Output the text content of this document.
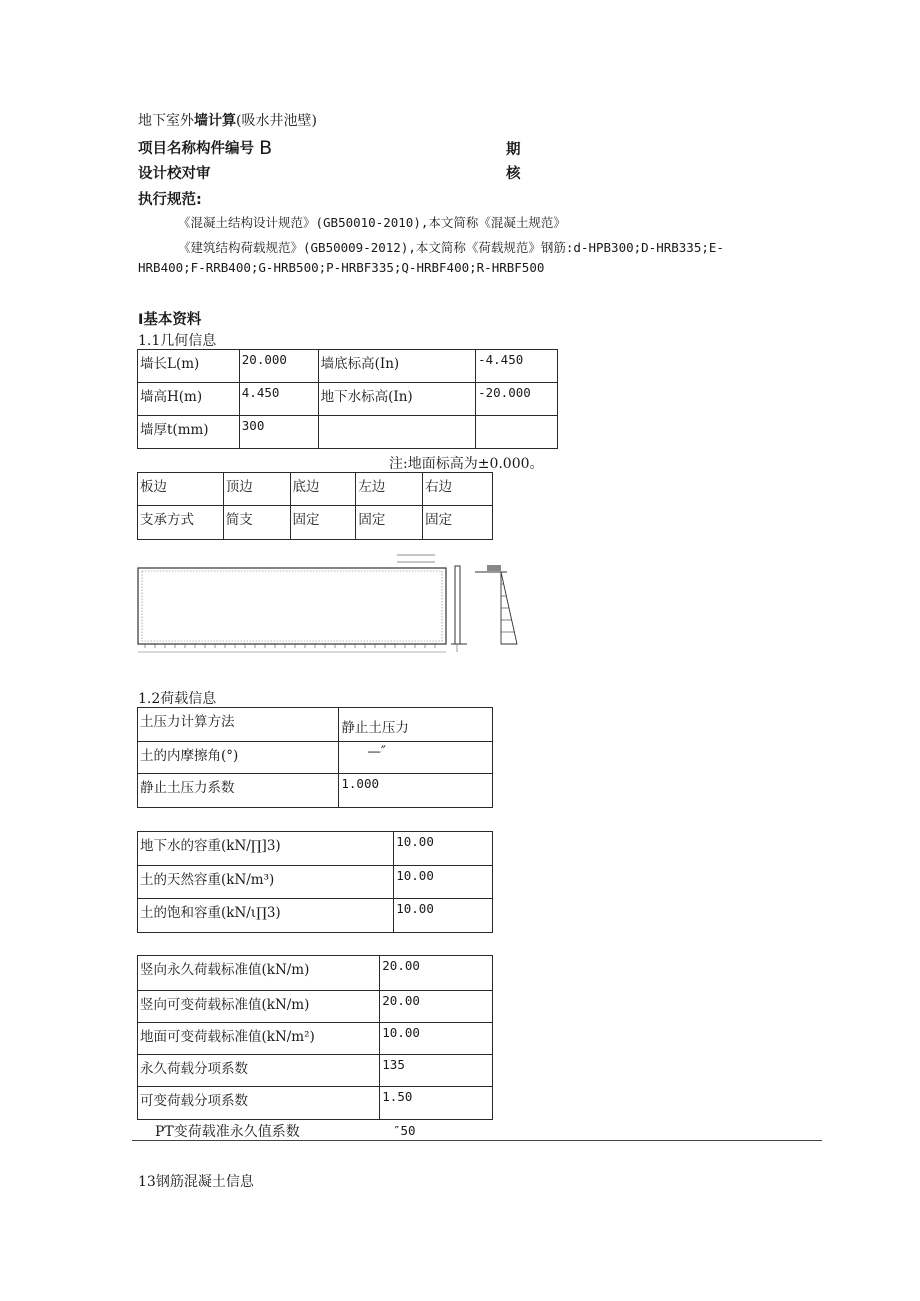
地下室外墙计算(吸水井池壁)
项目名称构件编号 B	期
设计校对审	核
执行规范:
《混凝土结构设计规范》(GB50010-2010),本文简称《混凝土规范》
《建筑结构荷载规范》(GB50009-2012),本文简称《荷载规范》钢筋:d-HPB300;D-HRB335;E-
HRB400;F-RRB400;G-HRB500;P-HRBF335;Q-HRBF400;R-HRBF500
Ⅰ基本资料
1.1几何信息
墙长L(m)	20.000	墙底标高(In)	-4.450
墙高H(m)	4.450	地下水标高(In)	-20.000
墙厚t(mm)	300		
注:地面标高为±0.000。
板边	顶边	底边	左边	右边
支承方式	简支	固定	固定	固定
1.2荷载信息
土压力计算方法	静止土压力
土的内摩擦角(°)	—″
静止土压力系数	1.000
地下水的容重(kN/∏]3)	10.00
土的天然容重(kN/m³)	10.00
土的饱和容重(kN/ι∏3)	10.00
竖向永久荷载标准值(kN/m)	20.00
竖向可变荷载标准值(kN/m)	20.00
地面可变荷载标准值(kN/m²)	10.00
永久荷载分项系数	135
可变荷载分项系数	1.50
PT变荷载准永久值系数	″50
13钢筋混凝土信息
